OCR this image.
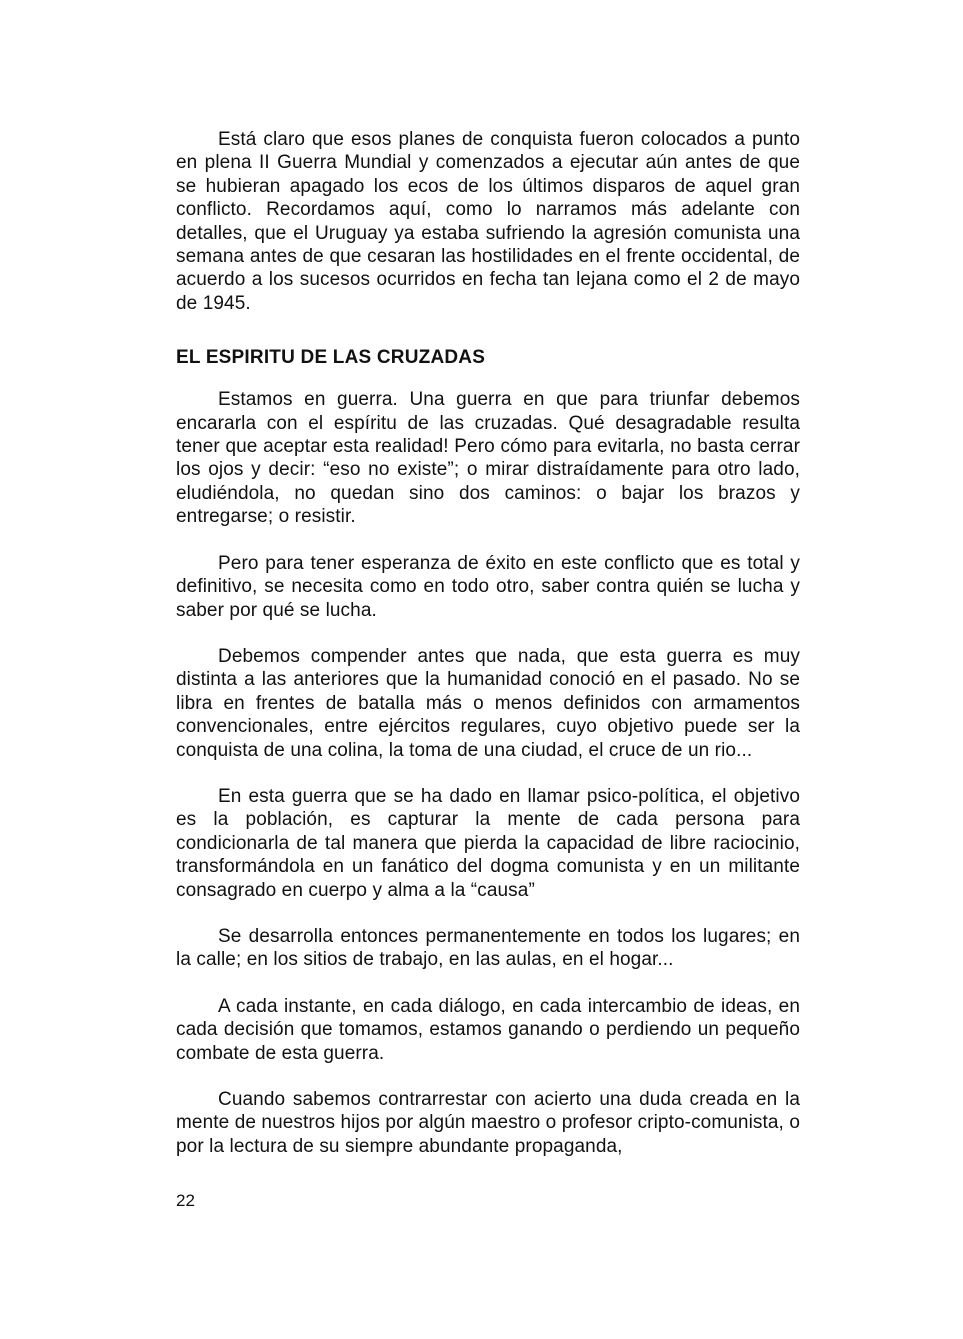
Está claro que esos planes de conquista fueron colocados a punto en plena II Guerra Mundial y comenzados a ejecutar aún antes de que se hubieran apagado los ecos de los últimos disparos de aquel gran conflicto. Recordamos aquí, como lo narramos más adelante con detalles, que el Uruguay ya estaba sufriendo la agresión comunista una semana antes de que cesaran las hostilidades en el frente occidental, de acuerdo a los sucesos ocurridos en fecha tan lejana como el 2 de mayo de 1945.

EL ESPIRITU DE LAS CRUZADAS

Estamos en guerra. Una guerra en que para triunfar debemos encararla con el espíritu de las cruzadas. Qué desagradable resulta tener que aceptar esta realidad! Pero cómo para evitarla, no basta cerrar los ojos y decir: “eso no existe”; o mirar distraídamente para otro lado, eludiéndola, no quedan sino dos caminos: o bajar los brazos y entregarse; o resistir.

Pero para tener esperanza de éxito en este conflicto que es total y definitivo, se necesita como en todo otro, saber contra quién se lucha y saber por qué se lucha.

Debemos compender antes que nada, que esta guerra es muy distinta a las anteriores que la humanidad conoció en el pasado. No se libra en frentes de batalla más o menos definidos con armamentos convencionales, entre ejércitos regulares, cuyo objetivo puede ser la conquista de una colina, la toma de una ciudad, el cruce de un rio...

En esta guerra que se ha dado en llamar psico-política, el objetivo es la población, es capturar la mente de cada persona para condicionarla de tal manera que pierda la capacidad de libre raciocinio, transformándola en un fanático del dogma comunista y en un militante consagrado en cuerpo y alma a la “causa”

Se desarrolla entonces permanentemente en todos los lugares; en la calle; en los sitios de trabajo, en las aulas, en el hogar...

A cada instante, en cada diálogo, en cada intercambio de ideas, en cada decisión que tomamos, estamos ganando o perdiendo un pequeño combate de esta guerra.

Cuando sabemos contrarrestar con acierto una duda creada en la mente de nuestros hijos por algún maestro o profesor cripto-comunista, o por la lectura de su siempre abundante propaganda,

22
